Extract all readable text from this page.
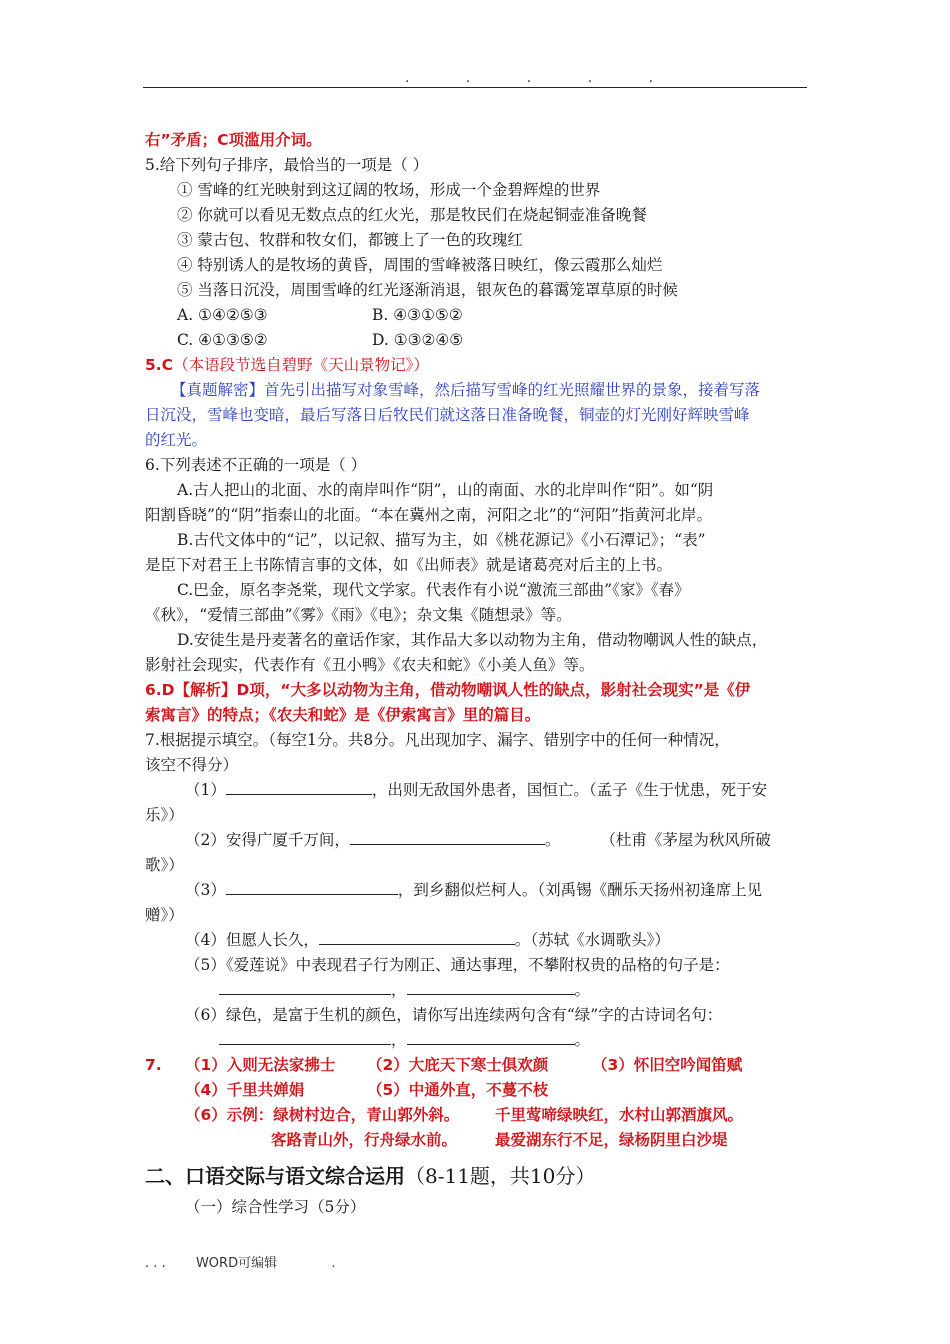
. . . . .
右”矛盾；C项滥用介词。
5.给下列句子排序，最恰当的一项是（ ）
① 雪峰的红光映射到这辽阔的牧场，形成一个金碧辉煌的世界
② 你就可以看见无数点点的红火光，那是牧民们在烧起铜壶准备晚餐
③ 蒙古包、牧群和牧女们，都镀上了一色的玫瑰红
④ 特别诱人的是牧场的黄昏，周围的雪峰被落日映红，像云霞那么灿烂
⑤ 当落日沉没，周围雪峰的红光逐渐消退，银灰色的暮霭笼罩草原的时候
A. ①④②⑤③	B. ④③①⑤②
C. ④①③⑤②	D. ①③②④⑤
5.C（本语段节选自碧野《天山景物记》）
【真题解密】首先引出描写对象雪峰，然后描写雪峰的红光照耀世界的景象，接着写落
日沉没，雪峰也变暗，最后写落日后牧民们就这落日准备晚餐，铜壶的灯光刚好辉映雪峰
的红光。
6.下列表述不正确的一项是（ ）
A.古人把山的北面、水的南岸叫作“阴”，山的南面、水的北岸叫作“阳”。如“阴
阳割昏晓”的“阴”指泰山的北面。“本在冀州之南，河阳之北”的“河阳”指黄河北岸。
B.古代文体中的“记”，以记叙、描写为主，如《桃花源记》《小石潭记》；“表”
是臣下对君王上书陈情言事的文体，如《出师表》就是诸葛亮对后主的上书。
C.巴金，原名李尧棠，现代文学家。代表作有小说“激流三部曲”《家》《春》
《秋》，“爱情三部曲”《雾》《雨》《电》；杂文集《随想录》等。
D.安徒生是丹麦著名的童话作家，其作品大多以动物为主角，借动物嘲讽人性的缺点，
影射社会现实，代表作有《丑小鸭》《农夫和蛇》《小美人鱼》等。
6.D【解析】D项，“大多以动物为主角，借动物嘲讽人性的缺点，影射社会现实”是《伊
索寓言》的特点；《农夫和蛇》是《伊索寓言》里的篇目。
7.根据提示填空。（每空1分。共8分。凡出现加字、漏字、错别字中的任何一种情况，
该空不得分）
（1）	，出则无敌国外患者，国恒亡。（孟子《生于忧患，死于安
乐》）
（2）安得广厦千万间，	。	（杜甫《茅屋为秋风所破
歌》）
（3）	，到乡翻似烂柯人。（刘禹锡《酬乐天扬州初逢席上见
赠》）
（4）但愿人长久，	。（苏轼《水调歌头》）
（5）《爱莲说》中表现君子行为刚正、通达事理，不攀附权贵的品格的句子是：
，	。
（6）绿色，是富于生机的颜色，请你写出连续两句含有“绿”字的古诗词名句：
，	。
7. （1）入则无法家拂士 （2）大庇天下寒士俱欢颜	（3）怀旧空吟闻笛赋
（4）千里共婵娟	（5）中通外直，不蔓不枝
（6）示例：绿树村边合，青山郭外斜。 千里莺啼绿映红，水村山郭酒旗风。
客路青山外，行舟绿水前。 最爱湖东行不足，绿杨阴里白沙堤
二、口语交际与语文综合运用（8-11题，共10分）
（一）综合性学习（5分）
. . . WORD可编辑	.
